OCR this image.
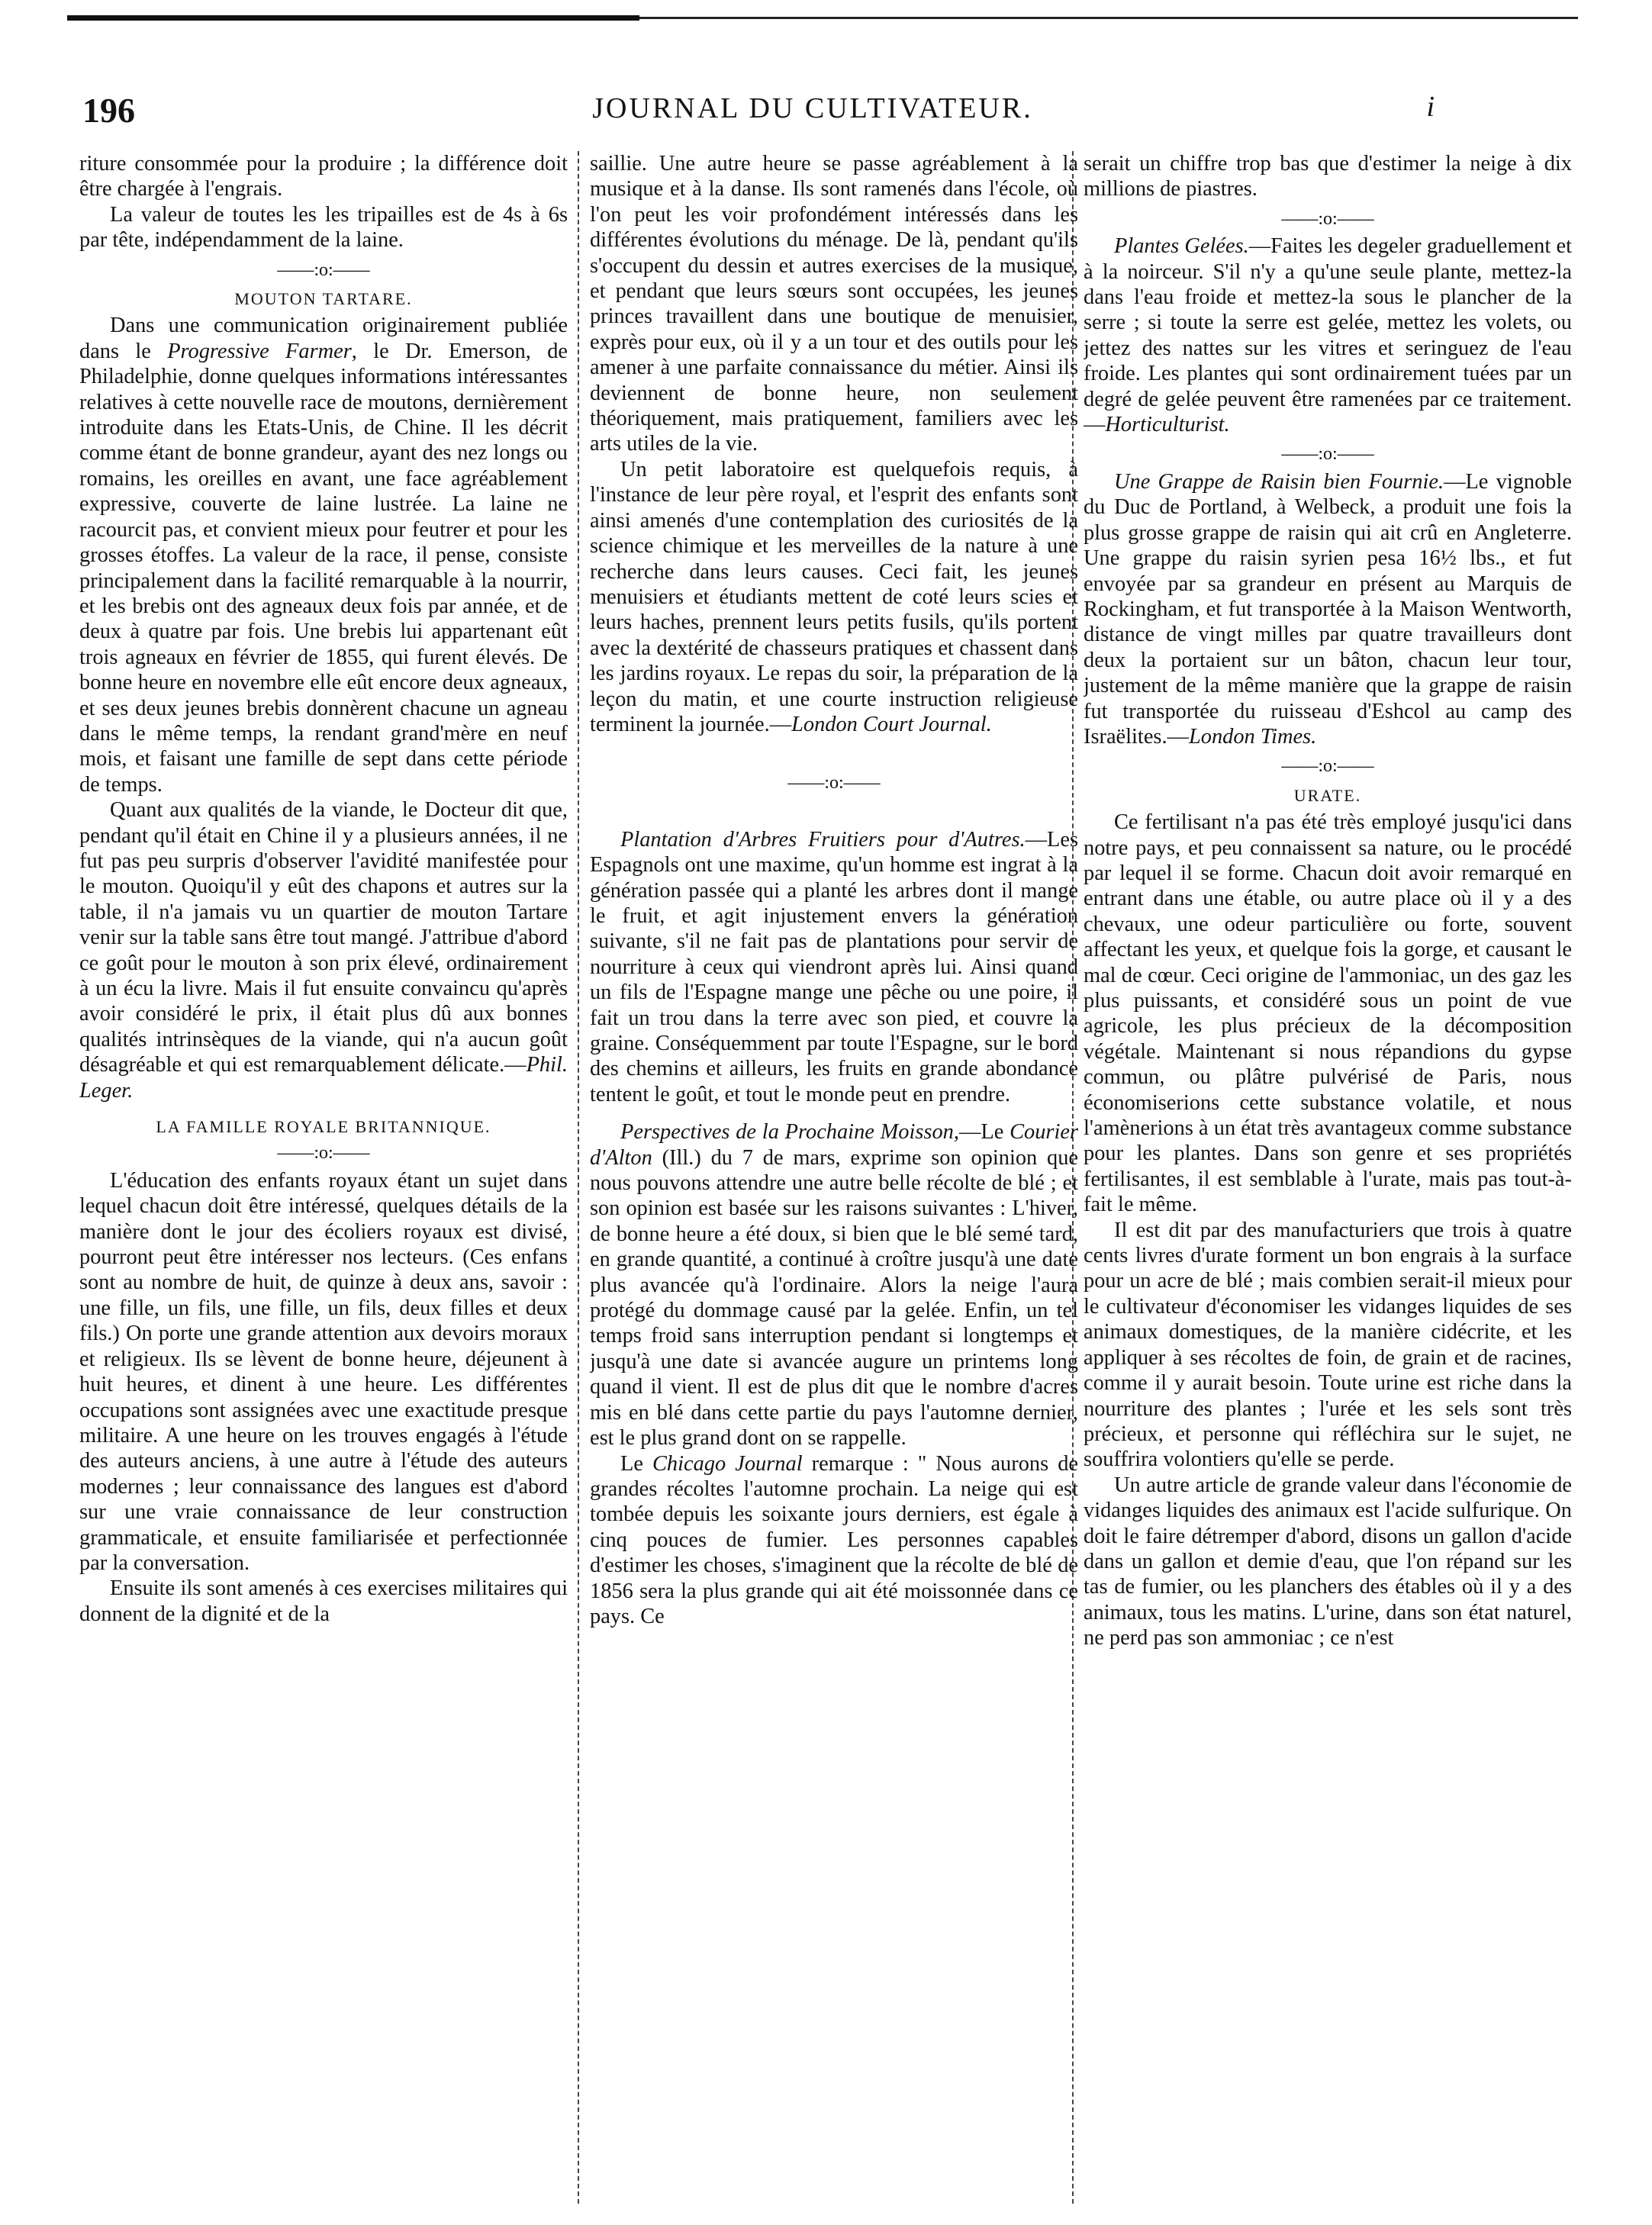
196	JOURNAL DU CULTIVATEUR.	i

riture consommée pour la produire ; la différence doit être chargée à l'engrais.

La valeur de toutes les les tripailles est de 4s à 6s par tête, indépendamment de la laine.

——:o:——
MOUTON TARTARE.

Dans une communication originairement publiée dans le Progressive Farmer, le Dr. Emerson, de Philadelphie, donne quelques informations intéressantes relatives à cette nouvelle race de moutons, dernièrement introduite dans les Etats-Unis, de Chine. Il les décrit comme étant de bonne grandeur, ayant des nez longs ou romains, les oreilles en avant, une face agréablement expressive, couverte de laine lustrée. La laine ne racourcit pas, et convient mieux pour feutrer et pour les grosses étoffes. La valeur de la race, il pense, consiste principalement dans la facilité remarquable à la nourrir, et les brebis ont des agneaux deux fois par année, et de deux à quatre par fois. Une brebis lui appartenant eût trois agneaux en février de 1855, qui furent élevés. De bonne heure en novembre elle eût encore deux agneaux, et ses deux jeunes brebis donnèrent chacune un agneau dans le même temps, la rendant grand'mère en neuf mois, et faisant une famille de sept dans cette période de temps.

Quant aux qualités de la viande, le Docteur dit que, pendant qu'il était en Chine il y a plusieurs années, il ne fut pas peu surpris d'observer l'avidité manifestée pour le mouton. Quoiqu'il y eût des chapons et autres sur la table, il n'a jamais vu un quartier de mouton Tartare venir sur la table sans être tout mangé. J'attribue d'abord ce goût pour le mouton à son prix élevé, ordinairement à un écu la livre. Mais il fut ensuite convaincu qu'après avoir considéré le prix, il était plus dû aux bonnes qualités intrinsèques de la viande, qui n'a aucun goût désagréable et qui est remarquablement délicate.—Phil. Leger.

LA FAMILLE ROYALE BRITANNIQUE.
——:o:——

L'éducation des enfants royaux étant un sujet dans lequel chacun doit être intéressé, quelques détails de la manière dont le jour des écoliers royaux est divisé, pourront peut être intéresser nos lecteurs. (Ces enfans sont au nombre de huit, de quinze à deux ans, savoir : une fille, un fils, une fille, un fils, deux filles et deux fils.) On porte une grande attention aux devoirs moraux et religieux. Ils se lèvent de bonne heure, déjeunent à huit heures, et dinent à une heure. Les différentes occupations sont assignées avec une exactitude presque militaire. A une heure on les trouves engagés à l'étude des auteurs anciens, à une autre à l'étude des auteurs modernes ; leur connaissance des langues est d'abord sur une vraie connaissance de leur construction grammaticale, et ensuite familiarisée et perfectionnée par la conversation.

Ensuite ils sont amenés à ces exercises militaires qui donnent de la dignité et de la

saillie. Une autre heure se passe agréablement à la musique et à la danse. Ils sont ramenés dans l'école, où l'on peut les voir profondément intéressés dans les différentes évolutions du ménage. De là, pendant qu'ils s'occupent du dessin et autres exercises de la musique, et pendant que leurs sœurs sont occupées, les jeunes princes travaillent dans une boutique de menuisier, exprès pour eux, où il y a un tour et des outils pour les amener à une parfaite connaissance du métier. Ainsi ils deviennent de bonne heure, non seulement théoriquement, mais pratiquement, familiers avec les arts utiles de la vie.

Un petit laboratoire est quelquefois requis, à l'instance de leur père royal, et l'esprit des enfants sont ainsi amenés d'une contemplation des curiosités de la science chimique et les merveilles de la nature à une recherche dans leurs causes. Ceci fait, les jeunes menuisiers et étudiants mettent de coté leurs scies et leurs haches, prennent leurs petits fusils, qu'ils portent avec la dextérité de chasseurs pratiques et chassent dans les jardins royaux. Le repas du soir, la préparation de la leçon du matin, et une courte instruction religieuse terminent la journée.—London Court Journal.

——:o:——

Plantation d'Arbres Fruitiers pour d'Autres.—Les Espagnols ont une maxime, qu'un homme est ingrat à la génération passée qui a planté les arbres dont il mange le fruit, et agit injustement envers la génération suivante, s'il ne fait pas de plantations pour servir de nourriture à ceux qui viendront après lui. Ainsi quand un fils de l'Espagne mange une pêche ou une poire, il fait un trou dans la terre avec son pied, et couvre la graine. Conséquemment par toute l'Espagne, sur le bord des chemins et ailleurs, les fruits en grande abondance tentent le goût, et tout le monde peut en prendre.

Perspectives de la Prochaine Moisson,—Le Courier d'Alton (Ill.) du 7 de mars, exprime son opinion que nous pouvons attendre une autre belle récolte de blé ; et son opinion est basée sur les raisons suivantes : L'hiver, de bonne heure a été doux, si bien que le blé semé tard, en grande quantité, a continué à croître jusqu'à une date plus avancée qu'à l'ordinaire. Alors la neige l'aura protégé du dommage causé par la gelée. Enfin, un tel temps froid sans interruption pendant si longtemps et jusqu'à une date si avancée augure un printems long quand il vient. Il est de plus dit que le nombre d'acres mis en blé dans cette partie du pays l'automne dernier, est le plus grand dont on se rappelle.

Le Chicago Journal remarque : " Nous aurons de grandes récoltes l'automne prochain. La neige qui est tombée depuis les soixante jours derniers, est égale à cinq pouces de fumier. Les personnes capables d'estimer les choses, s'imaginent que la récolte de blé de 1856 sera la plus grande qui ait été moissonnée dans ce pays. Ce

serait un chiffre trop bas que d'estimer la neige à dix millions de piastres.

——:o:——

Plantes Gelées.—Faites les degeler graduellement et à la noirceur. S'il n'y a qu'une seule plante, mettez-la dans l'eau froide et mettez-la sous le plancher de la serre ; si toute la serre est gelée, mettez les volets, ou jettez des nattes sur les vitres et seringuez de l'eau froide. Les plantes qui sont ordinairement tuées par un degré de gelée peuvent être ramenées par ce traitement.—Horticulturist.

——:o:——

Une Grappe de Raisin bien Fournie.—Le vignoble du Duc de Portland, à Welbeck, a produit une fois la plus grosse grappe de raisin qui ait crû en Angleterre. Une grappe du raisin syrien pesa 16½ lbs., et fut envoyée par sa grandeur en présent au Marquis de Rockingham, et fut transportée à la Maison Wentworth, distance de vingt milles par quatre travailleurs dont deux la portaient sur un bâton, chacun leur tour, justement de la même manière que la grappe de raisin fut transportée du ruisseau d'Eshcol au camp des Israëlites.—London Times.

——:o:——
URATE.

Ce fertilisant n'a pas été très employé jusqu'ici dans notre pays, et peu connaissent sa nature, ou le procédé par lequel il se forme. Chacun doit avoir remarqué en entrant dans une étable, ou autre place où il y a des chevaux, une odeur particulière ou forte, souvent affectant les yeux, et quelque fois la gorge, et causant le mal de cœur. Ceci origine de l'ammoniac, un des gaz les plus puissants, et considéré sous un point de vue agricole, les plus précieux de la décomposition végétale. Maintenant si nous répandions du gypse commun, ou plâtre pulvérisé de Paris, nous économiserions cette substance volatile, et nous l'amènerions à un état très avantageux comme substance pour les plantes. Dans son genre et ses propriétés fertilisantes, il est semblable à l'urate, mais pas tout-à-fait le même.

Il est dit par des manufacturiers que trois à quatre cents livres d'urate forment un bon engrais à la surface pour un acre de blé ; mais combien serait-il mieux pour le cultivateur d'économiser les vidanges liquides de ses animaux domestiques, de la manière cidécrite, et les appliquer à ses récoltes de foin, de grain et de racines, comme il y aurait besoin. Toute urine est riche dans la nourriture des plantes ; l'urée et les sels sont très précieux, et personne qui réfléchira sur le sujet, ne souffrira volontiers qu'elle se perde.

Un autre article de grande valeur dans l'économie de vidanges liquides des animaux est l'acide sulfurique. On doit le faire détremper d'abord, disons un gallon d'acide dans un gallon et demie d'eau, que l'on répand sur les tas de fumier, ou les planchers des étables où il y a des animaux, tous les matins. L'urine, dans son état naturel, ne perd pas son ammoniac ; ce n'est
